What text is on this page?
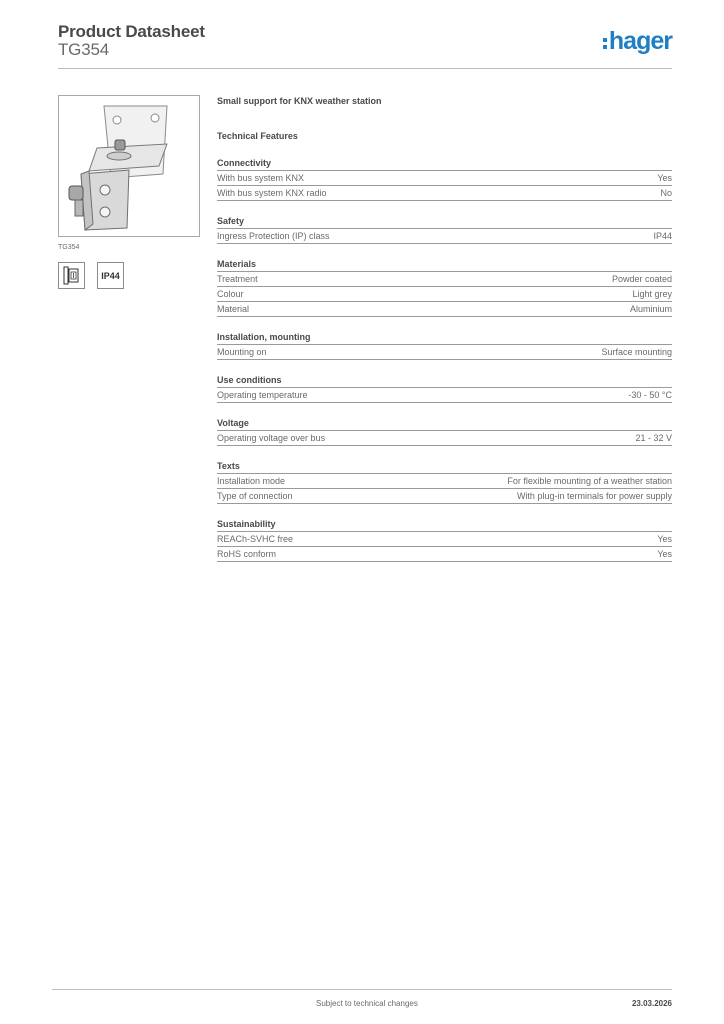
Product Datasheet
TG354	hager
TG354
IP44
Small support for KNX weather station
Technical Features
Connectivity
With bus system KNX	Yes
With bus system KNX radio	No
Safety
Ingress Protection (IP) class	IP44
Materials
Treatment	Powder coated
Colour	Light grey
Material	Aluminium
Installation, mounting
Mounting on	Surface mounting
Use conditions
Operating temperature	-30 - 50 °C
Voltage
Operating voltage over bus	21 - 32 V
Texts
Installation mode	For flexible mounting of a weather station
Type of connection	With plug-in terminals for power supply
Sustainability
REACh-SVHC free	Yes
RoHS conform	Yes
Subject to technical changes	23.03.2026
